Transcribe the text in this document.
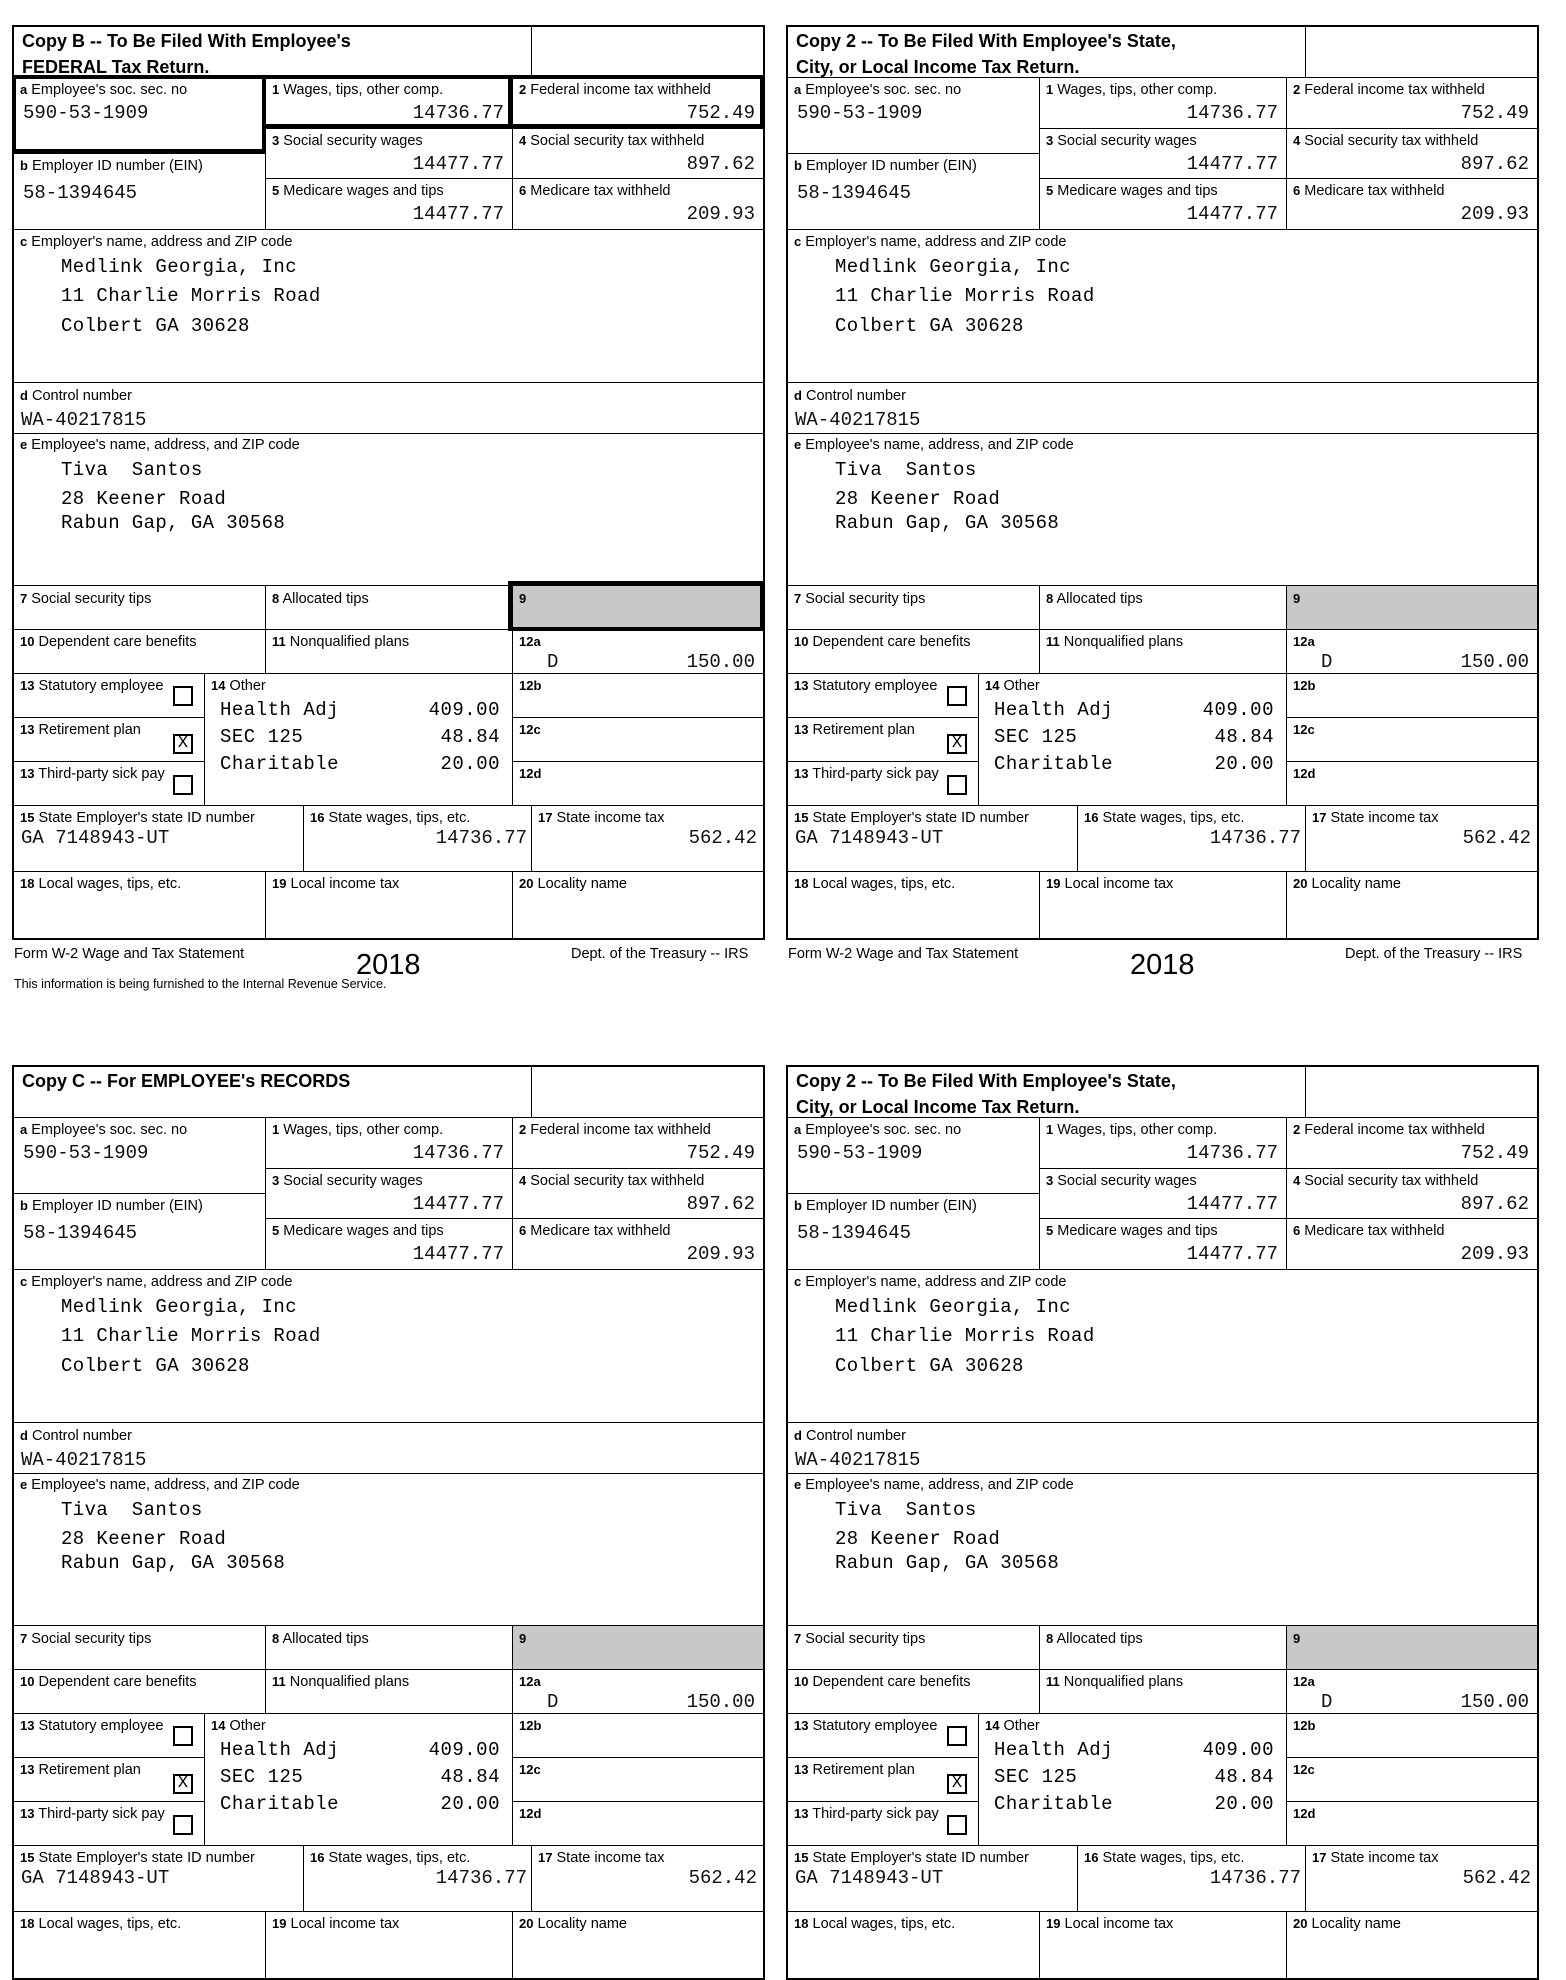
Copy B -- To Be Filed With Employee's
FEDERAL Tax Return.
a Employee's soc. sec. no
590-53-1909
b Employer ID number (EIN)
58-1394645
1 Wages, tips, other comp.
14736.77
2 Federal income tax withheld
752.49
3 Social security wages
14477.77
4 Social security tax withheld
897.62
5 Medicare wages and tips
14477.77
6 Medicare tax withheld
209.93
c Employer's name, address and ZIP code
Medlink Georgia, Inc
11 Charlie Morris Road
Colbert GA 30628
d Control number
WA-40217815
e Employee's name, address, and ZIP code
Tiva  Santos
28 Keener Road
Rabun Gap, GA 30568
7 Social security tips	8 Allocated tips	9
10 Dependent care benefits	11 Nonqualified plans	12a
D	150.00
13 Statutory employee
13 Retirement plan
X
13 Third-party sick pay
14 Other
Health Adj	409.00
SEC 125	48.84
Charitable	20.00
12b
12c
12d
15 State Employer's state ID number
GA 7148943-UT
16 State wages, tips, etc.
14736.77
17 State income tax
562.42
18 Local wages, tips, etc.	19 Local income tax	20 Locality name
Copy 2 -- To Be Filed With Employee's State,
City, or Local Income Tax Return.
a Employee's soc. sec. no
590-53-1909
b Employer ID number (EIN)
58-1394645
1 Wages, tips, other comp.
14736.77
2 Federal income tax withheld
752.49
3 Social security wages
14477.77
4 Social security tax withheld
897.62
5 Medicare wages and tips
14477.77
6 Medicare tax withheld
209.93
c Employer's name, address and ZIP code
Medlink Georgia, Inc
11 Charlie Morris Road
Colbert GA 30628
d Control number
WA-40217815
e Employee's name, address, and ZIP code
Tiva  Santos
28 Keener Road
Rabun Gap, GA 30568
7 Social security tips	8 Allocated tips	9
10 Dependent care benefits	11 Nonqualified plans	12a
D	150.00
13 Statutory employee
13 Retirement plan
X
13 Third-party sick pay
14 Other
Health Adj	409.00
SEC 125	48.84
Charitable	20.00
12b
12c
12d
15 State Employer's state ID number
GA 7148943-UT
16 State wages, tips, etc.
14736.77
17 State income tax
562.42
18 Local wages, tips, etc.	19 Local income tax	20 Locality name
Copy C -- For EMPLOYEE's RECORDS

a Employee's soc. sec. no
590-53-1909
b Employer ID number (EIN)
58-1394645
1 Wages, tips, other comp.
14736.77
2 Federal income tax withheld
752.49
3 Social security wages
14477.77
4 Social security tax withheld
897.62
5 Medicare wages and tips
14477.77
6 Medicare tax withheld
209.93
c Employer's name, address and ZIP code
Medlink Georgia, Inc
11 Charlie Morris Road
Colbert GA 30628
d Control number
WA-40217815
e Employee's name, address, and ZIP code
Tiva  Santos
28 Keener Road
Rabun Gap, GA 30568
7 Social security tips	8 Allocated tips	9
10 Dependent care benefits	11 Nonqualified plans	12a
D	150.00
13 Statutory employee
13 Retirement plan
X
13 Third-party sick pay
14 Other
Health Adj	409.00
SEC 125	48.84
Charitable	20.00
12b
12c
12d
15 State Employer's state ID number
GA 7148943-UT
16 State wages, tips, etc.
14736.77
17 State income tax
562.42
18 Local wages, tips, etc.	19 Local income tax	20 Locality name
Copy 2 -- To Be Filed With Employee's State,
City, or Local Income Tax Return.
a Employee's soc. sec. no
590-53-1909
b Employer ID number (EIN)
58-1394645
1 Wages, tips, other comp.
14736.77
2 Federal income tax withheld
752.49
3 Social security wages
14477.77
4 Social security tax withheld
897.62
5 Medicare wages and tips
14477.77
6 Medicare tax withheld
209.93
c Employer's name, address and ZIP code
Medlink Georgia, Inc
11 Charlie Morris Road
Colbert GA 30628
d Control number
WA-40217815
e Employee's name, address, and ZIP code
Tiva  Santos
28 Keener Road
Rabun Gap, GA 30568
7 Social security tips	8 Allocated tips	9
10 Dependent care benefits	11 Nonqualified plans	12a
D	150.00
13 Statutory employee
13 Retirement plan
X
13 Third-party sick pay
14 Other
Health Adj	409.00
SEC 125	48.84
Charitable	20.00
12b
12c
12d
15 State Employer's state ID number
GA 7148943-UT
16 State wages, tips, etc.
14736.77
17 State income tax
562.42
18 Local wages, tips, etc.	19 Local income tax	20 Locality name
Form W-2 Wage and Tax Statement	2018	Dept. of the Treasury -- IRS
This information is being furnished to the Internal Revenue Service.
Form W-2 Wage and Tax Statement	2018	Dept. of the Treasury -- IRS
